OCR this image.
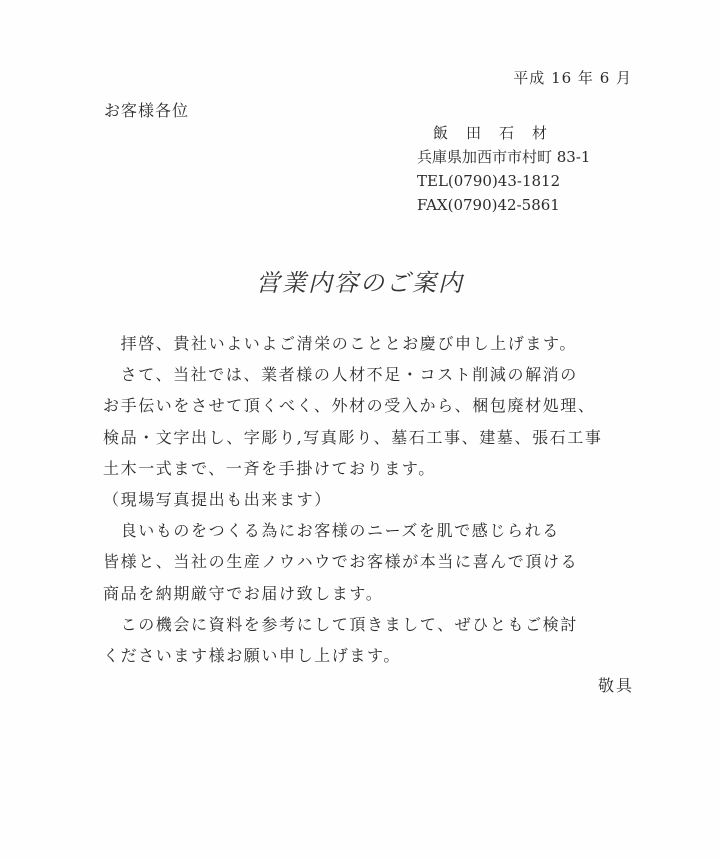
平成 16 年 6 月
お客様各位
飯田石材
兵庫県加西市市村町 83-1
TEL(0790)43-1812
FAX(0790)42-5861
営業内容のご案内
　拝啓、貴社いよいよご清栄のこととお慶び申し上げます。
　さて、当社では、業者様の人材不足・コスト削減の解消の
お手伝いをさせて頂くべく、外材の受入から、梱包廃材処理、
検品・文字出し、字彫り,写真彫り、墓石工事、建墓、張石工事
土木一式まで、一斉を手掛けております。
（現場写真提出も出来ます）
　良いものをつくる為にお客様のニーズを肌で感じられる
皆様と、当社の生産ノウハウでお客様が本当に喜んで頂ける
商品を納期厳守でお届け致します。
　この機会に資料を参考にして頂きまして、ぜひともご検討
くださいます様お願い申し上げます。
敬具
